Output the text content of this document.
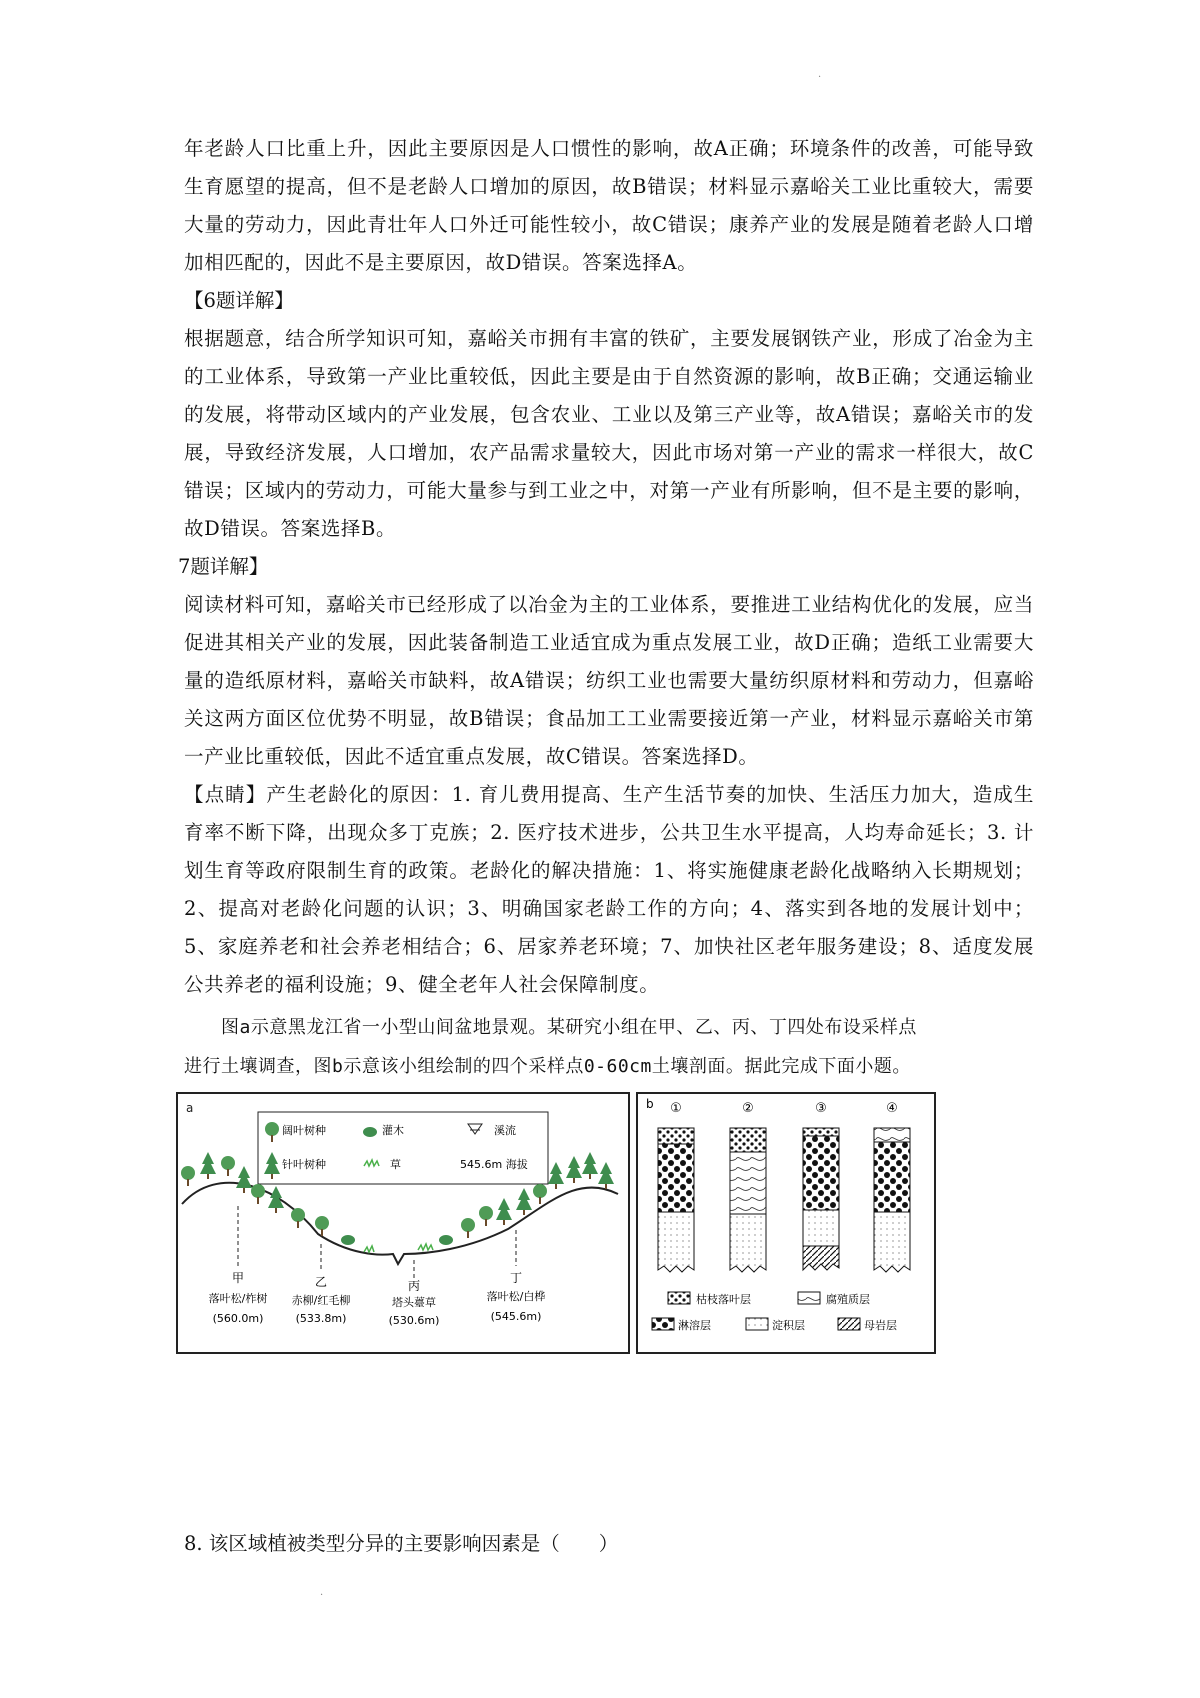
·
年老龄人口比重上升，因此主要原因是人口惯性的影响，故A正确；环境条件的改善，可能导致生育愿望的提高，但不是老龄人口增加的原因，故B错误；材料显示嘉峪关工业比重较大，需要大量的劳动力，因此青壮年人口外迁可能性较小，故C错误；康养产业的发展是随着老龄人口增加相匹配的，因此不是主要原因，故D错误。答案选择A。
【6题详解】
根据题意，结合所学知识可知，嘉峪关市拥有丰富的铁矿，主要发展钢铁产业，形成了冶金为主的工业体系，导致第一产业比重较低，因此主要是由于自然资源的影响，故B正确；交通运输业的发展，将带动区域内的产业发展，包含农业、工业以及第三产业等，故A错误；嘉峪关市的发展，导致经济发展，人口增加，农产品需求量较大，因此市场对第一产业的需求一样很大，故C错误；区域内的劳动力，可能大量参与到工业之中，对第一产业有所影响，但不是主要的影响，故D错误。答案选择B。
7题详解】
阅读材料可知，嘉峪关市已经形成了以冶金为主的工业体系，要推进工业结构优化的发展，应当促进其相关产业的发展，因此装备制造工业适宜成为重点发展工业，故D正确；造纸工业需要大量的造纸原材料，嘉峪关市缺料，故A错误；纺织工业也需要大量纺织原材料和劳动力，但嘉峪关这两方面区位优势不明显，故B错误；食品加工工业需要接近第一产业，材料显示嘉峪关市第一产业比重较低，因此不适宜重点发展，故C错误。答案选择D。
【点睛】产生老龄化的原因：1. 育儿费用提高、生产生活节奏的加快、生活压力加大，造成生育率不断下降，出现众多丁克族；2. 医疗技术进步，公共卫生水平提高，人均寿命延长；3. 计划生育等政府限制生育的政策。老龄化的解决措施：1、将实施健康老龄化战略纳入长期规划；2、提高对老龄化问题的认识；3、明确国家老龄工作的方向；4、落实到各地的发展计划中；5、家庭养老和社会养老相结合；6、居家养老环境；7、加快社区老年服务建设；8、适度发展公共养老的福利设施；9、健全老年人社会保障制度。
　　图a示意黑龙江省一小型山间盆地景观。某研究小组在甲、乙、丙、丁四处布设采样点
进行土壤调查，图b示意该小组绘制的四个采样点0-60cm土壤剖面。据此完成下面小题。
a
阔叶树种	灌木	溪流
针叶树种	草	545.6m 海拔
甲
落叶松/柞树
(560.0m)
乙
赤柳/红毛柳
(533.8m)
丙
塔头薹草
(530.6m)
丁
落叶松/白桦
(545.6m)
b ①	②	③	④
枯枝落叶层	腐殖质层
淋溶层	淀积层	母岩层
8. 该区域植被类型分异的主要影响因素是（　　）
·
